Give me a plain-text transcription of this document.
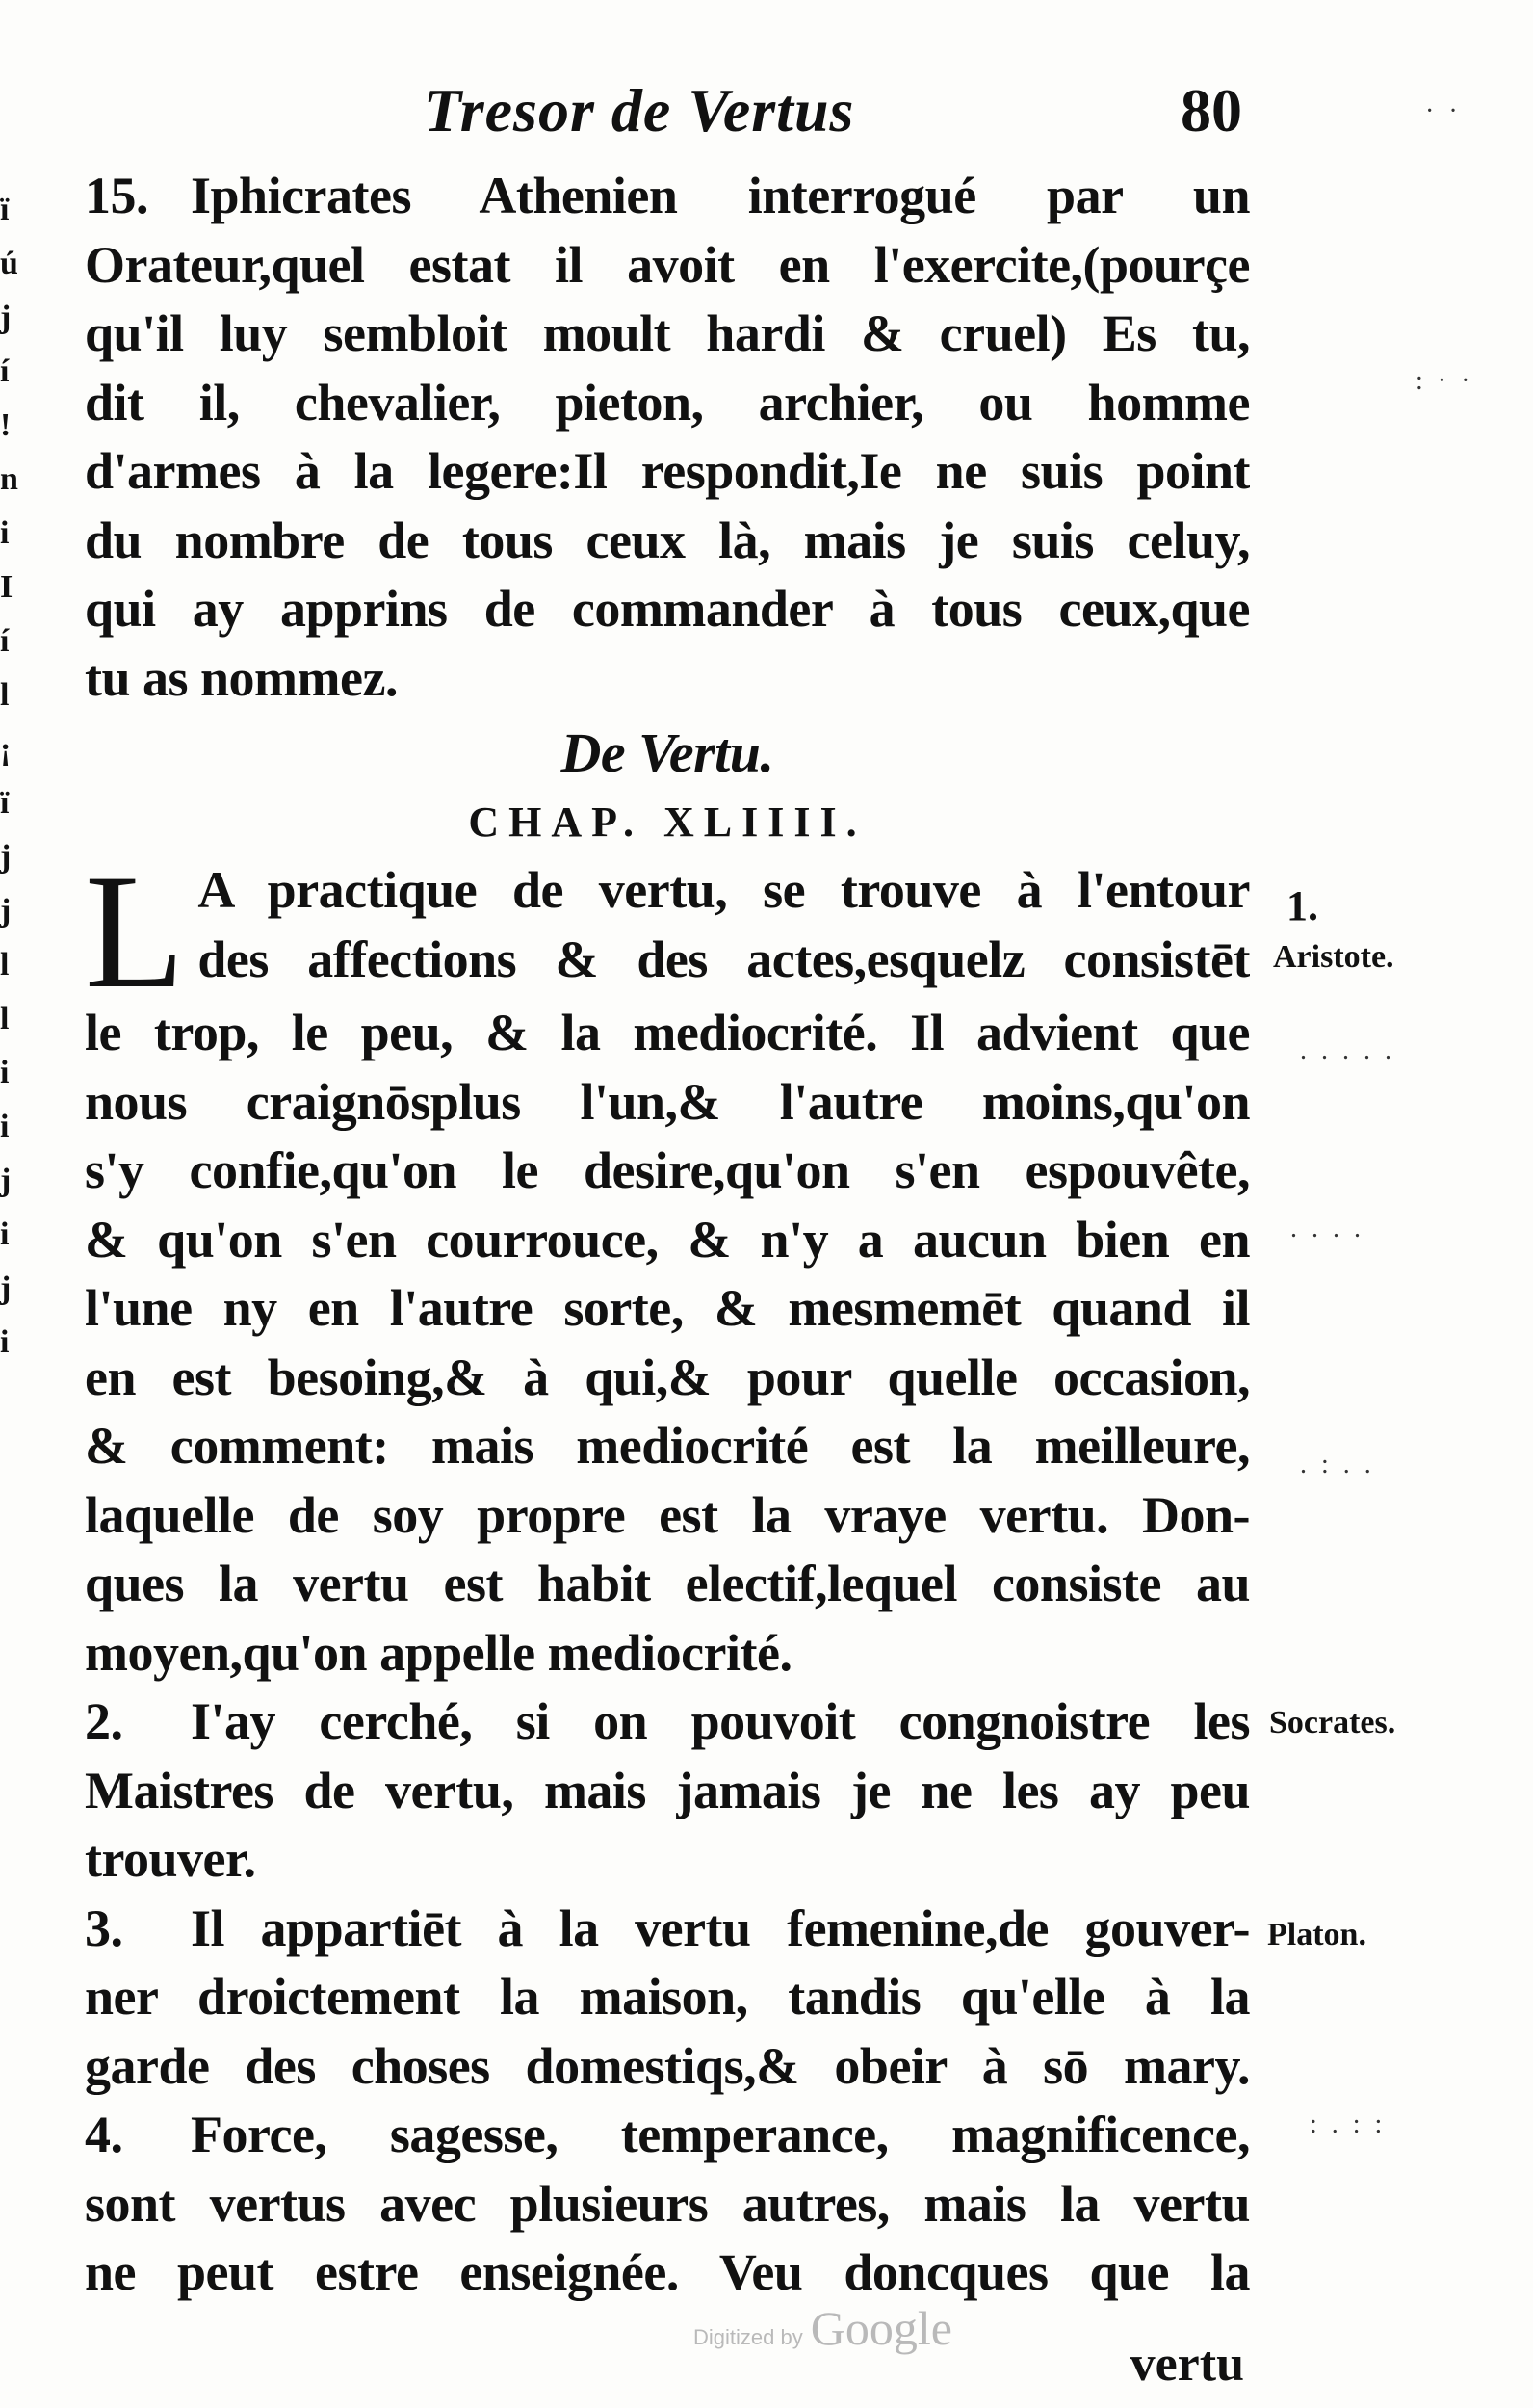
ï
ú
j
í
!
n
i
I
í
l
¡
ï
j
j
l
l
i
i
j
i
j
i
Tresor de Vertus	80
15. Iphicrates Athenien interrogué par un
Orateur,quel estat il avoit en l'exercite,(pourçe
qu'il luy sembloit moult hardi & cruel) Es tu,
dit il, chevalier, pieton, archier, ou homme
d'armes à la legere:Il respondit,Ie ne suis point
du nombre de tous ceux là, mais je suis celuy,
qui ay apprins de commander à tous ceux,que
tu as nommez.
De Vertu.
CHAP. XLIIII.
L A practique de vertu, se trouve à l'entour
des affections & des actes,esquelz consistēt
le trop, le peu, & la mediocrité. Il advient que
nous craignōsplus l'un,& l'autre moins,qu'on
s'y confie,qu'on le desire,qu'on s'en espouvête,
& qu'on s'en courrouce, & n'y a aucun bien en
l'une ny en l'autre sorte, & mesmemēt quand il
en est besoing,& à qui,& pour quelle occasion,
& comment: mais mediocrité est la meilleure,
laquelle de soy propre est la vraye vertu. Don-
ques la vertu est habit electif,lequel consiste au
moyen,qu'on appelle mediocrité.
2. I'ay cerché, si on pouvoit congnoistre les
Maistres de vertu, mais jamais je ne les ay peu
trouver.
3. Il appartiēt à la vertu femenine,de gouver-
ner droictement la maison, tandis qu'elle à la
garde des choses domestiqs,& obeir à sō mary.
4. Force, sagesse, temperance, magnificence,
sont vertus avec plusieurs autres, mais la vertu
ne peut estre enseignée. Veu doncques que la
1.
Aristote.
Socrates.
Platon.
· ·
: · ·
. . . . .
. . . .
. : . .
: . : :
Digitized by Google
vertu
